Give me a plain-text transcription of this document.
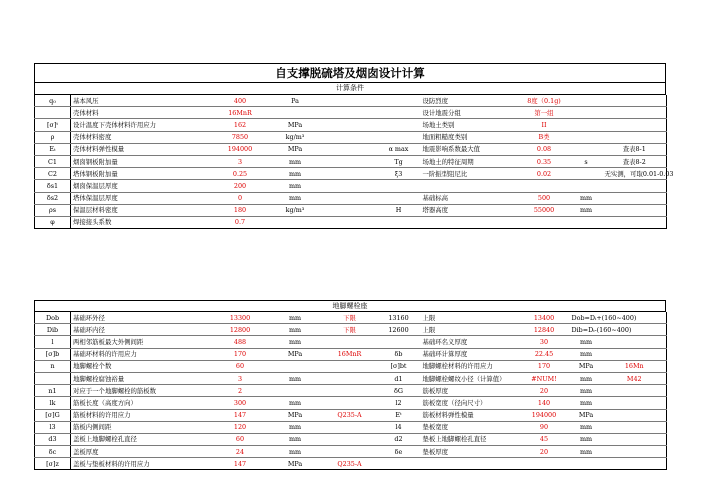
自支撑脱硫塔及烟囱设计计算
计算条件
q₀	基本风压	400	Pa			设防烈度	8度（0.1g)		
	壳体材料	16MnR				设计地震分组	第一组		
[σ]ᵗ	设计温度下壳体材料许用应力	162	MPa			场地土类别	II		
ρ	壳体材料密度	7850	kg/m³			地面粗糙度类别	B类		
Eₜ	壳体材料弹性模量	194000	MPa		α max	地震影响系数最大值	0.08		查表8-1
C1	烟囱钢板附加量	3	mm		Tg	场地土的特征周期	0.35	s	查表8-2
C2	塔体钢板附加量	0.25	mm		ξ3	一阶振型阻尼比	0.02		无实测，可取0.01-0.03
δs1	烟囱保温层厚度	200	mm						
δs2	塔体保温层厚度	0	mm			基础标高	500	mm	
ρs	保温层材料密度	180	kg/m³		H	塔器高度	55000	mm	
φ	焊接接头系数	0.7							
地脚螺栓座
Dob	基础环外径	13300	mm	下限	13160	上限	13400	Dob=Dᵢ+(160~400)	
Dib	基础环内径	12800	mm	下限	12600	上限	12840	Dib=Dᵢ-(160~400)	
l	两相邻筋板最大外侧间距	488	mm			基础环名义厚度	30	mm	
[σ]b	基础环材料的许用应力	170	MPa	16MnR	δb	基础环计算厚度	22.45	mm	
n	地脚螺栓个数	60			[σ]bt	地脚螺栓材料的许用应力	170	MPa	16Mn
	地脚螺栓腐蚀裕量	3	mm		d1	地脚螺栓螺纹小径（计算值）	#NUM!	mm	M42
n1	对应于一个地脚螺栓的筋板数	2			δG	筋板厚度	20	mm	
lk	筋板长度（高度方向）	300	mm		l2	筋板宽度（径向尺寸）	140	mm	
[σ]G	筋板材料的许用应力	147	MPa	Q235-A	Eᵗ	筋板材料弹性模量	194000	MPa	
l3	筋板内侧间距	120	mm		l4	垫板宽度	90	mm	
d3	盖板上地脚螺栓孔直径	60	mm		d2	垫板上地脚螺栓孔直径	45	mm	
δc	盖板厚度	24	mm		δe	垫板厚度	20	mm	
[σ]z	盖板与垫板材料的许用应力	147	MPa	Q235-A					
